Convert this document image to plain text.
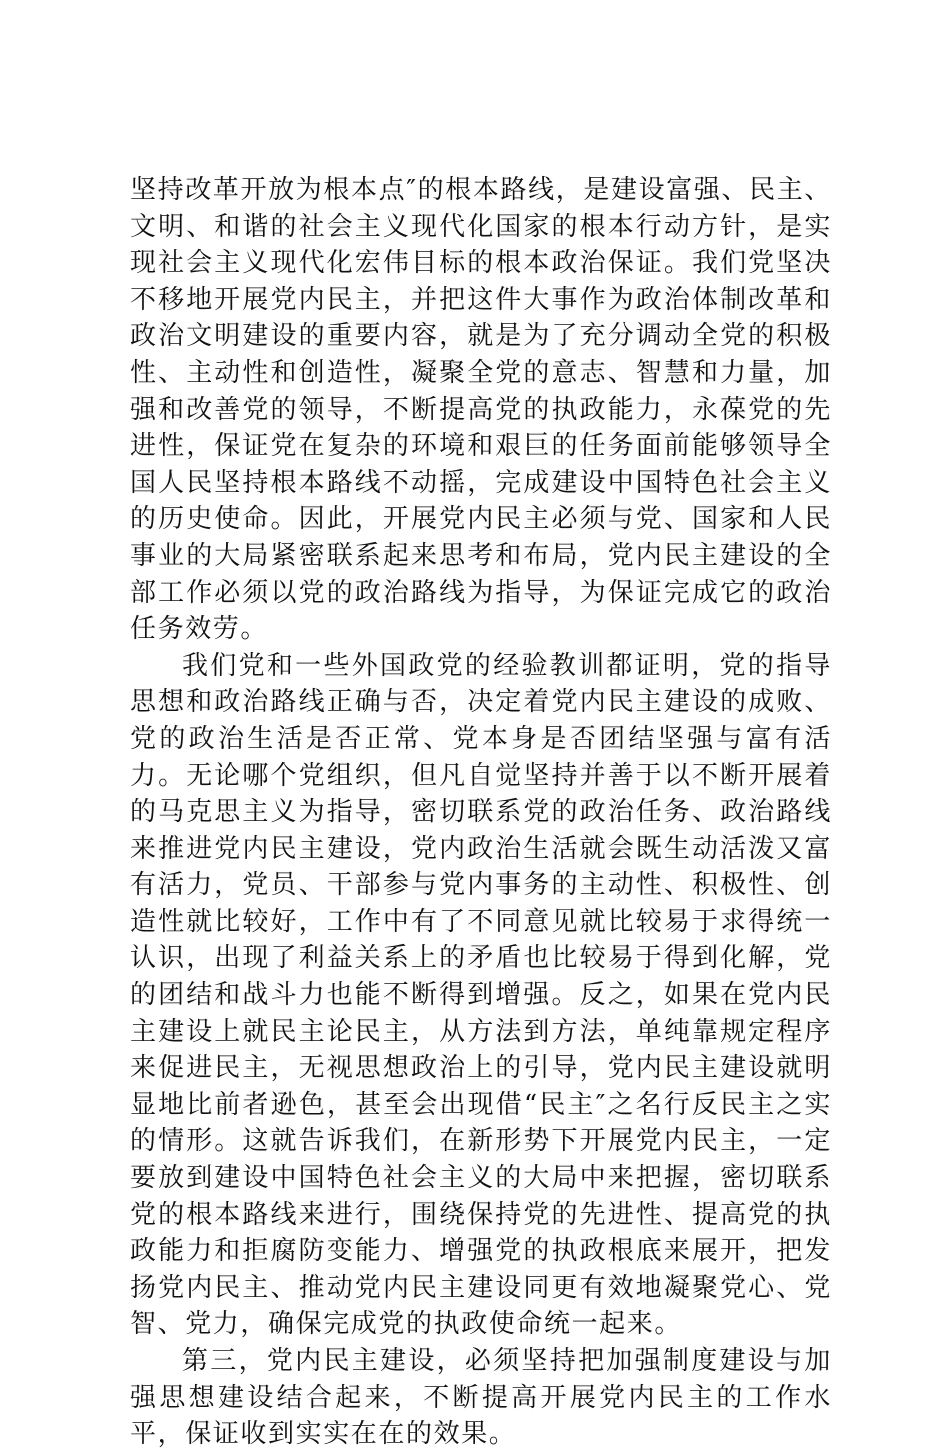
坚持改革开放为根本点″的根本路线，是建设富强、民主、文明、和谐的社会主义现代化国家的根本行动方针，是实现社会主义现代化宏伟目标的根本政治保证。我们党坚决不移地开展党内民主，并把这件大事作为政治体制改革和政治文明建设的重要内容，就是为了充分调动全党的积极性、主动性和创造性，凝聚全党的意志、智慧和力量，加强和改善党的领导，不断提高党的执政能力，永葆党的先进性，保证党在复杂的环境和艰巨的任务面前能够领导全国人民坚持根本路线不动摇，完成建设中国特色社会主义的历史使命。因此，开展党内民主必须与党、国家和人民事业的大局紧密联系起来思考和布局，党内民主建设的全部工作必须以党的政治路线为指导，为保证完成它的政治任务效劳。

我们党和一些外国政党的经验教训都证明，党的指导思想和政治路线正确与否，决定着党内民主建设的成败、党的政治生活是否正常、党本身是否团结坚强与富有活力。无论哪个党组织，但凡自觉坚持并善于以不断开展着的马克思主义为指导，密切联系党的政治任务、政治路线来推进党内民主建设，党内政治生活就会既生动活泼又富有活力，党员、干部参与党内事务的主动性、积极性、创造性就比较好，工作中有了不同意见就比较易于求得统一认识，出现了利益关系上的矛盾也比较易于得到化解，党的团结和战斗力也能不断得到增强。反之，如果在党内民主建设上就民主论民主，从方法到方法，单纯靠规定程序来促进民主，无视思想政治上的引导，党内民主建设就明显地比前者逊色，甚至会出现借“民主″之名行反民主之实的情形。这就告诉我们，在新形势下开展党内民主，一定要放到建设中国特色社会主义的大局中来把握，密切联系党的根本路线来进行，围绕保持党的先进性、提高党的执政能力和拒腐防变能力、增强党的执政根底来展开，把发扬党内民主、推动党内民主建设同更有效地凝聚党心、党智、党力，确保完成党的执政使命统一起来。

第三，党内民主建设，必须坚持把加强制度建设与加强思想建设结合起来，不断提高开展党内民主的工作水平，保证收到实实在在的效果。
